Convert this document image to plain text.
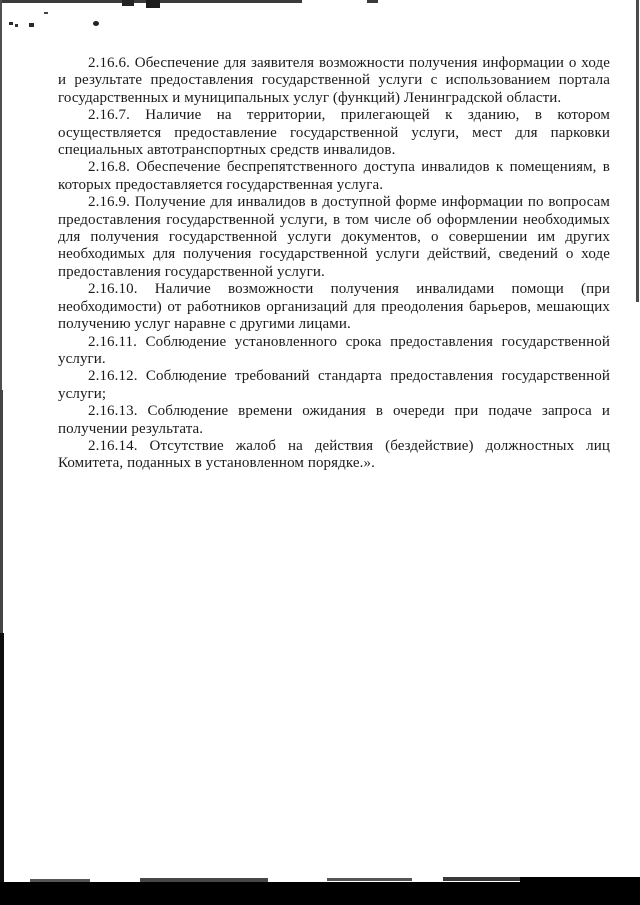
2.16.6. Обеспечение для заявителя возможности получения информации о ходе и результате предоставления государственной услуги с использованием портала государственных и муниципальных услуг (функций) Ленинградской области.

2.16.7. Наличие на территории, прилегающей к зданию, в котором осуществляется предоставление государственной услуги, мест для парковки специальных автотранспортных средств инвалидов.

2.16.8. Обеспечение беспрепятственного доступа инвалидов к помещениям, в которых предоставляется государственная услуга.

2.16.9. Получение для инвалидов в доступной форме информации по вопросам предоставления государственной услуги, в том числе об оформлении необходимых для получения государственной услуги документов, о совершении им других необходимых для получения государственной услуги действий, сведений о ходе предоставления государственной услуги.

2.16.10. Наличие возможности получения инвалидами помощи (при необходимости) от работников организаций для преодоления барьеров, мешающих получению услуг наравне с другими лицами.

2.16.11. Соблюдение установленного срока предоставления государственной услуги.

2.16.12. Соблюдение требований стандарта предоставления государственной услуги;

2.16.13. Соблюдение времени ожидания в очереди при подаче запроса и получении результата.

2.16.14. Отсутствие жалоб на действия (бездействие) должностных лиц Комитета, поданных в установленном порядке.».
